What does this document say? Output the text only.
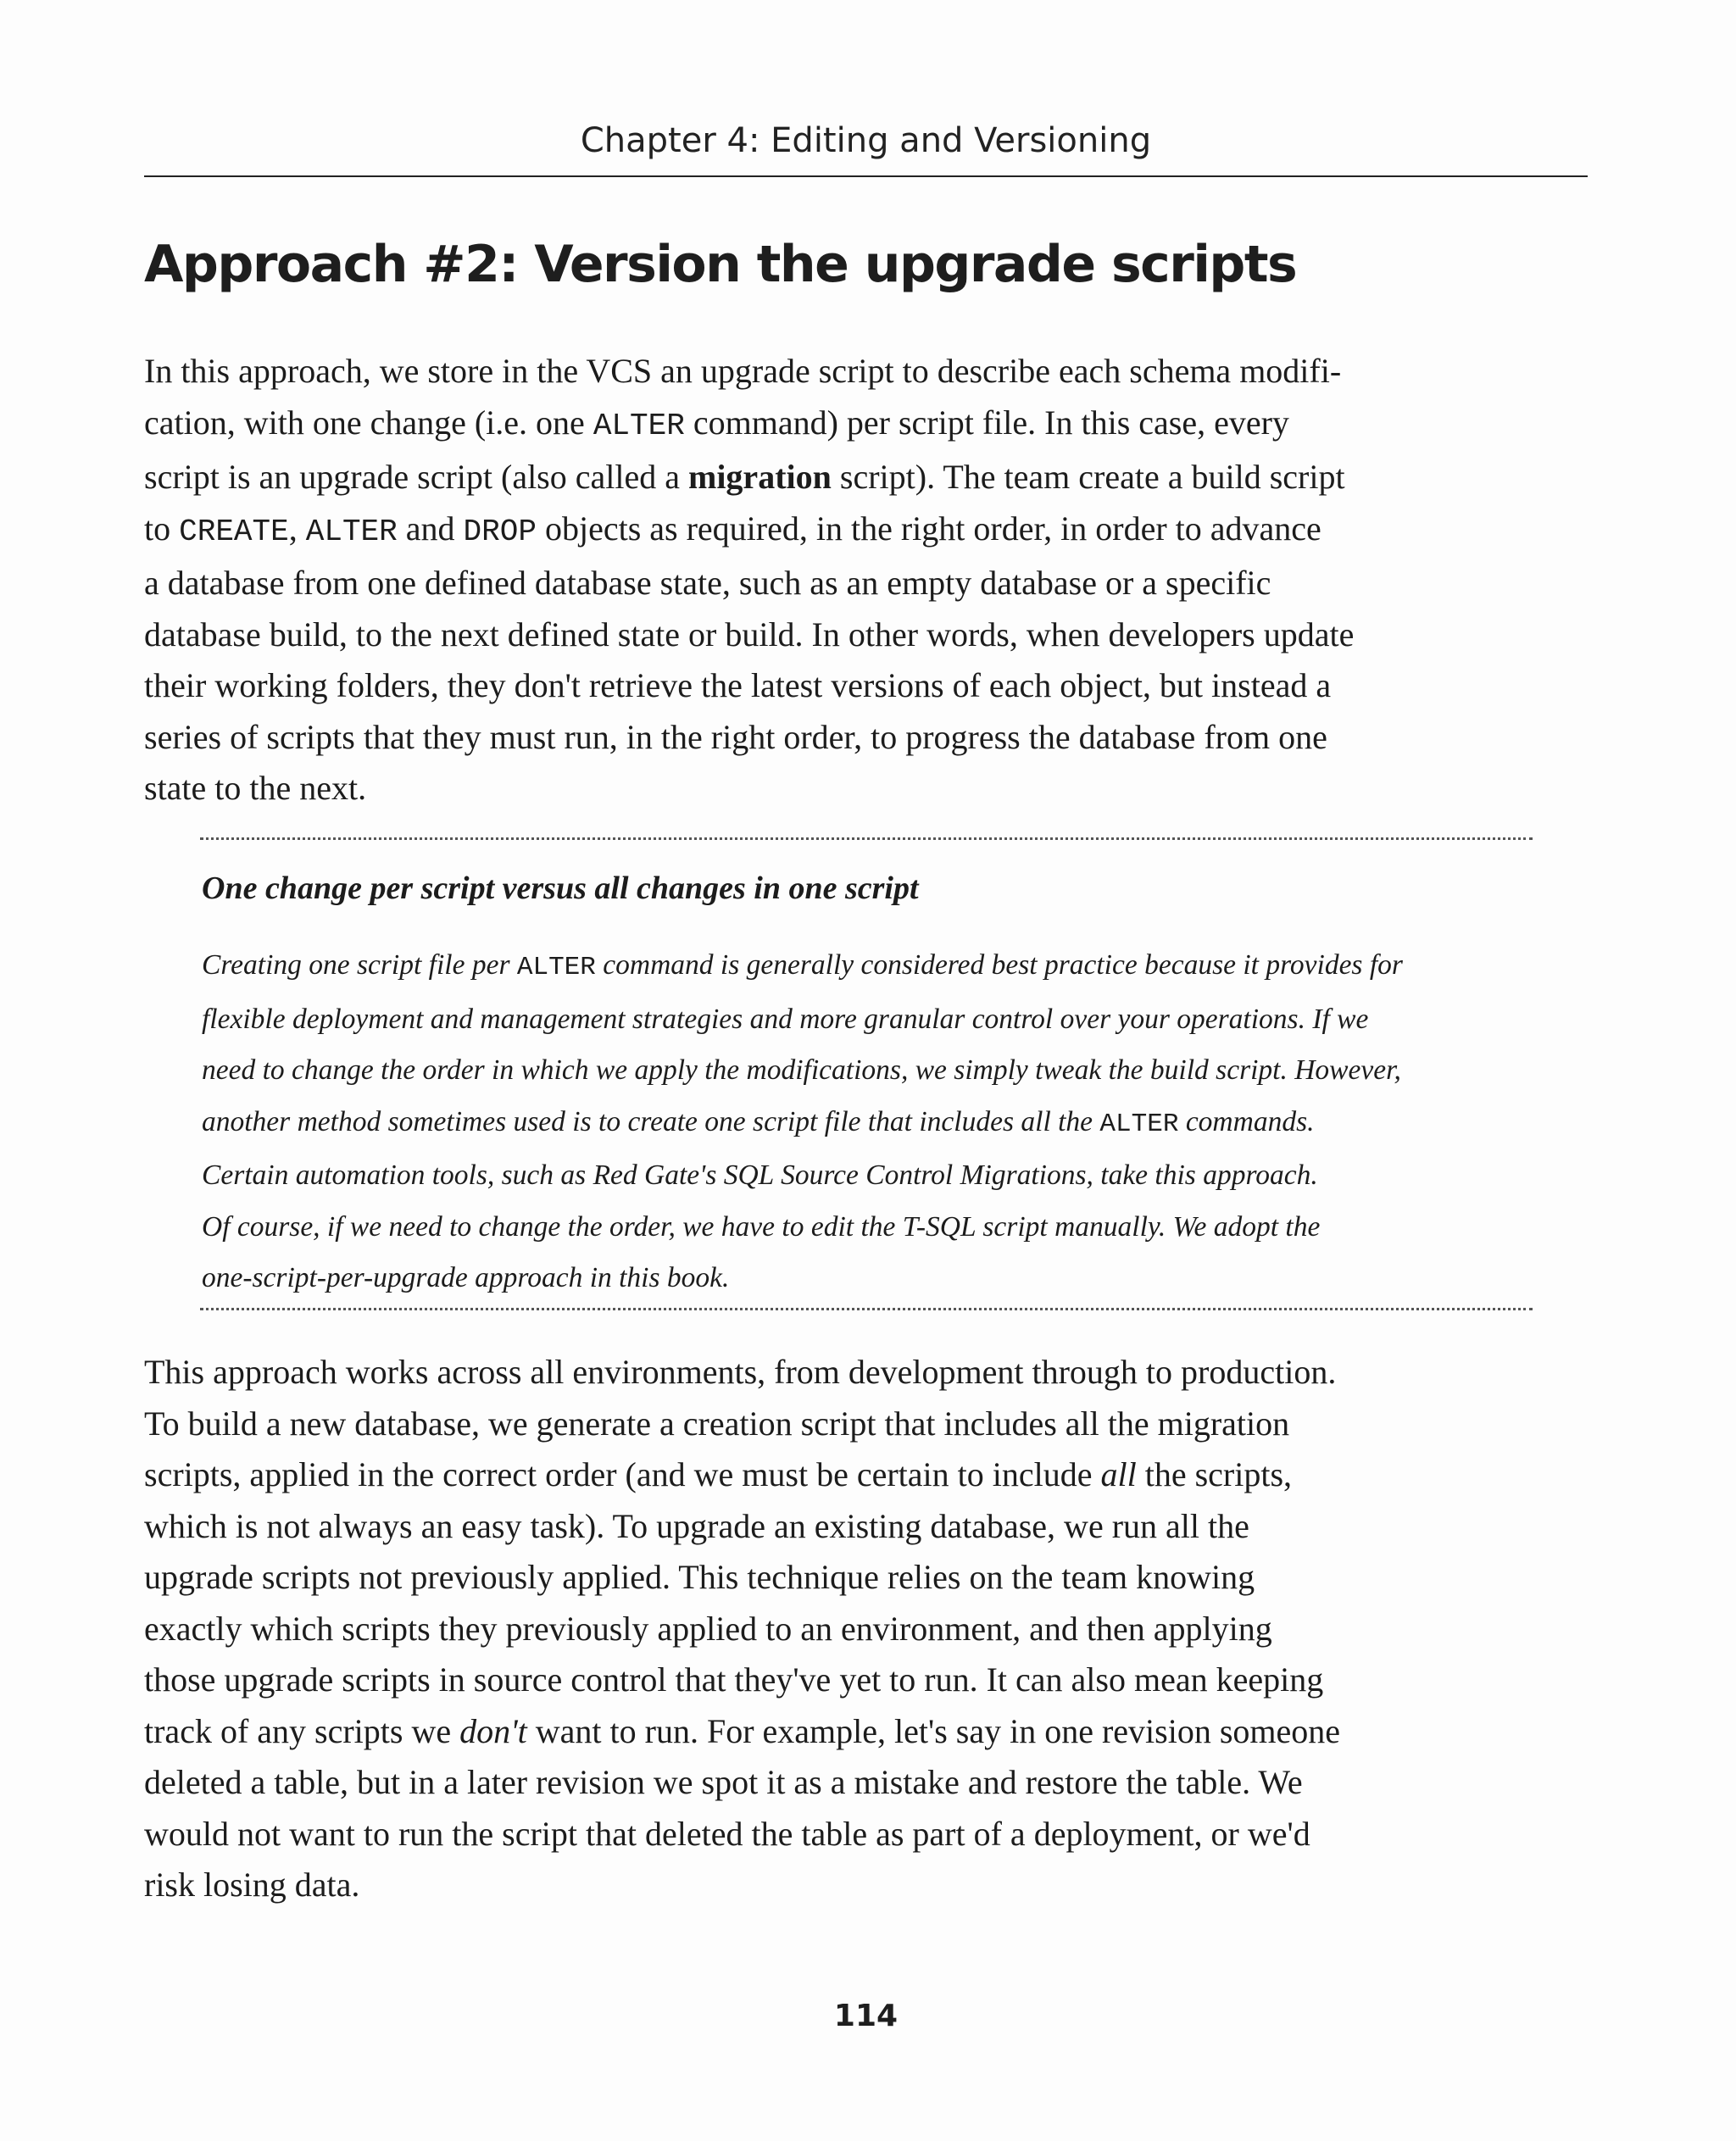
Chapter 4: Editing and Versioning
Approach #2: Version the upgrade scripts

In this approach, we store in the VCS an upgrade script to describe each schema modifi-
cation, with one change (i.e. one ALTER command) per script file. In this case, every
script is an upgrade script (also called a migration script). The team create a build script
to CREATE, ALTER and DROP objects as required, in the right order, in order to advance
a database from one defined database state, such as an empty database or a specific
database build, to the next defined state or build. In other words, when developers update
their working folders, they don't retrieve the latest versions of each object, but instead a
series of scripts that they must run, in the right order, to progress the database from one
state to the next.

One change per script versus all changes in one script

Creating one script file per ALTER command is generally considered best practice because it provides for
flexible deployment and management strategies and more granular control over your operations. If we
need to change the order in which we apply the modifications, we simply tweak the build script. However,
another method sometimes used is to create one script file that includes all the ALTER commands.
Certain automation tools, such as Red Gate's SQL Source Control Migrations, take this approach.
Of course, if we need to change the order, we have to edit the T-SQL script manually. We adopt the
one-script-per-upgrade approach in this book.

This approach works across all environments, from development through to production.
To build a new database, we generate a creation script that includes all the migration
scripts, applied in the correct order (and we must be certain to include all the scripts,
which is not always an easy task). To upgrade an existing database, we run all the
upgrade scripts not previously applied. This technique relies on the team knowing
exactly which scripts they previously applied to an environment, and then applying
those upgrade scripts in source control that they've yet to run. It can also mean keeping
track of any scripts we don't want to run. For example, let's say in one revision someone
deleted a table, but in a later revision we spot it as a mistake and restore the table. We
would not want to run the script that deleted the table as part of a deployment, or we'd
risk losing data.

114
